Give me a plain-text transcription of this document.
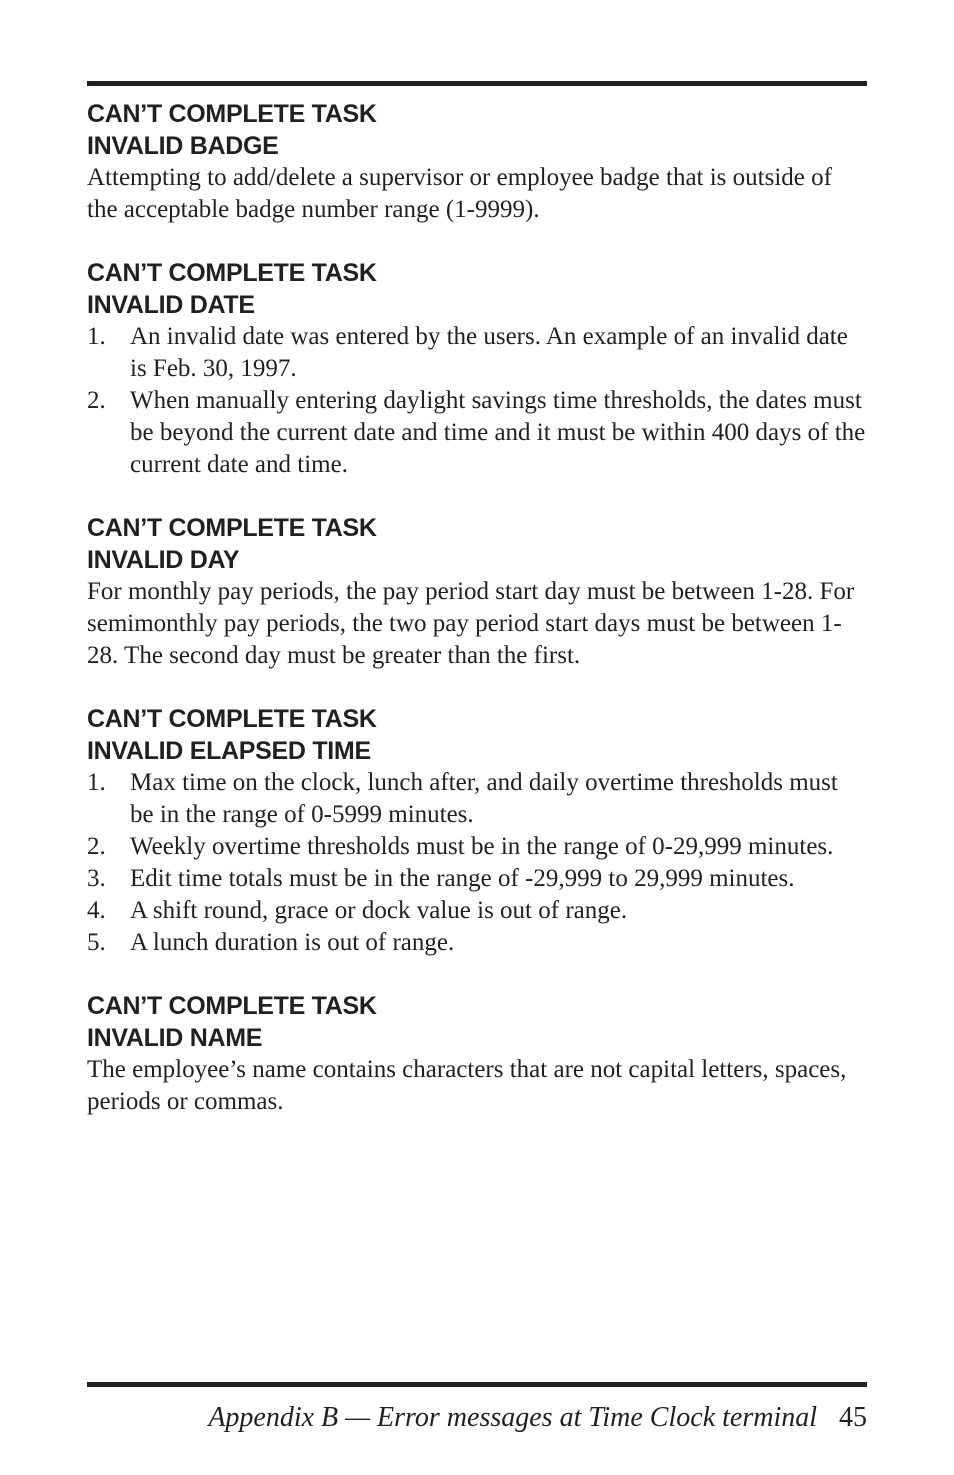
CAN’T COMPLETE TASK
INVALID BADGE

Attempting to add/delete a supervisor or employee badge that is outside of the acceptable badge number range (1-9999).

CAN’T COMPLETE TASK
INVALID DATE
1. An invalid date was entered by the users. An example of an invalid date is Feb. 30, 1997.
2. When manually entering daylight savings time thresholds, the dates must be beyond the current date and time and it must be within 400 days of the current date and time.
CAN’T COMPLETE TASK
INVALID DAY

For monthly pay periods, the pay period start day must be between 1-28. For semimonthly pay periods, the two pay period start days must be between 1-28. The second day must be greater than the first.

CAN’T COMPLETE TASK
INVALID ELAPSED TIME
1. Max time on the clock, lunch after, and daily overtime thresholds must be in the range of 0-5999 minutes.
2. Weekly overtime thresholds must be in the range of 0-29,999 minutes.
3. Edit time totals must be in the range of -29,999 to 29,999 minutes.
4. A shift round, grace or dock value is out of range.
5. A lunch duration is out of range.
CAN’T COMPLETE TASK
INVALID NAME

The employee’s name contains characters that are not capital letters, spaces, periods or commas.

Appendix B — Error messages at Time Clock terminal 45
